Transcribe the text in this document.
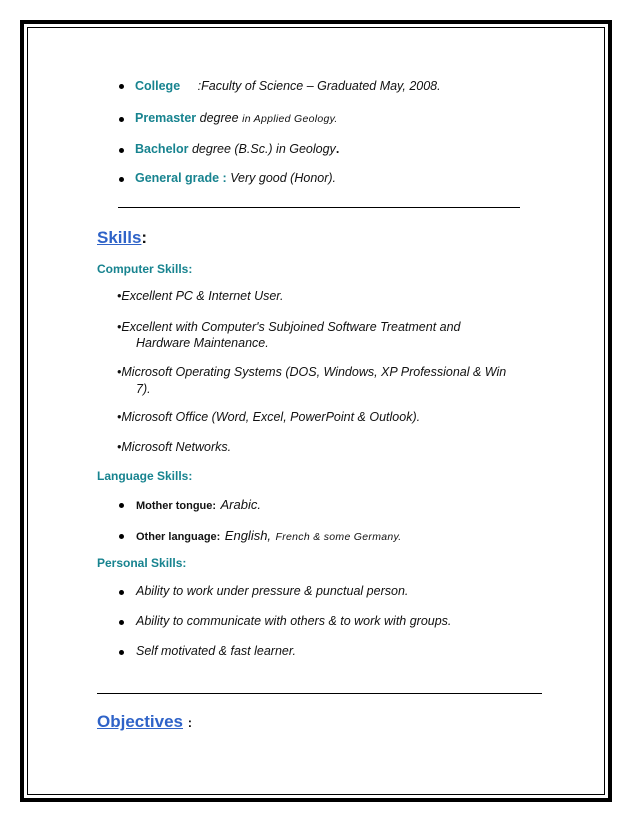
College :Faculty of Science – Graduated May, 2008.
Premaster degree in Applied Geology.
Bachelor degree (B.Sc.) in Geology.
General grade : Very good (Honor).
Skills:
Computer Skills:
•Excellent PC & Internet User.
•Excellent with Computer's Subjoined Software Treatment and
Hardware Maintenance.
•Microsoft Operating Systems (DOS, Windows, XP Professional & Win
7).
•Microsoft Office (Word, Excel, PowerPoint & Outlook).
•Microsoft Networks.
Language Skills:
Mother tongue: Arabic.
Other language: English, French & some Germany.
Personal Skills:
Ability to work under pressure & punctual person.
Ability to communicate with others & to work with groups.
Self motivated & fast learner.
Objectives :
